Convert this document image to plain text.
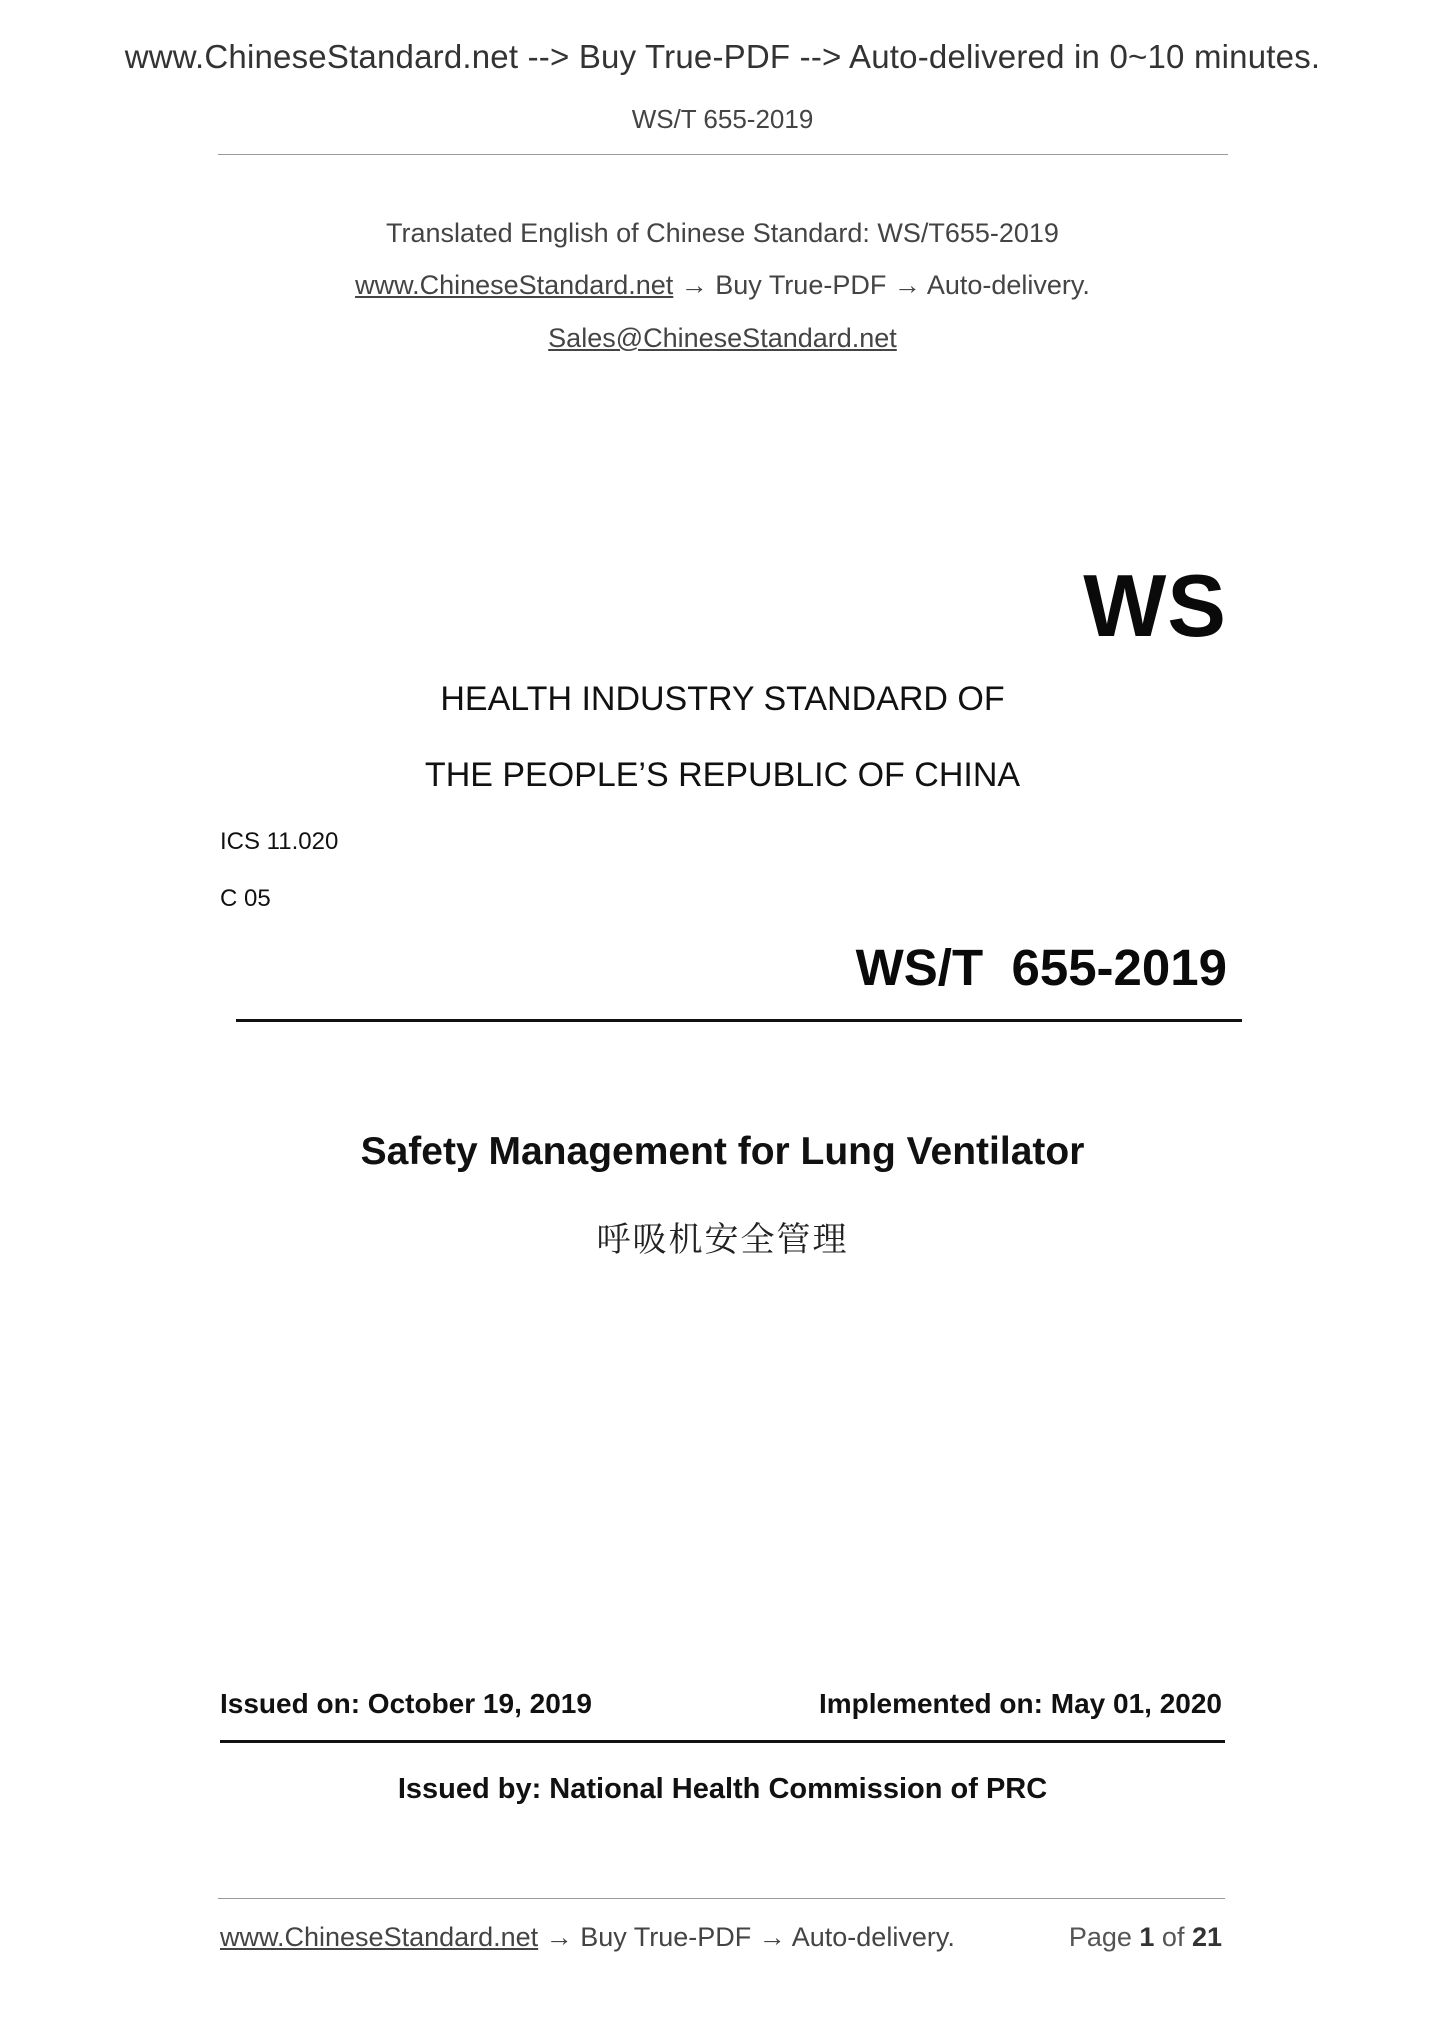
www.ChineseStandard.net --> Buy True-PDF --> Auto-delivered in 0~10 minutes.
WS/T 655-2019
Translated English of Chinese Standard: WS/T655-2019
www.ChineseStandard.net → Buy True-PDF → Auto-delivery.
Sales@ChineseStandard.net
WS
HEALTH INDUSTRY STANDARD OF
THE PEOPLE’S REPUBLIC OF CHINA
ICS 11.020
C 05
WS/T  655-2019
Safety Management for Lung Ventilator
呼吸机安全管理
Issued on: October 19, 2019	Implemented on: May 01, 2020
Issued by: National Health Commission of PRC
www.ChineseStandard.net → Buy True-PDF → Auto-delivery.	Page 1 of 21
